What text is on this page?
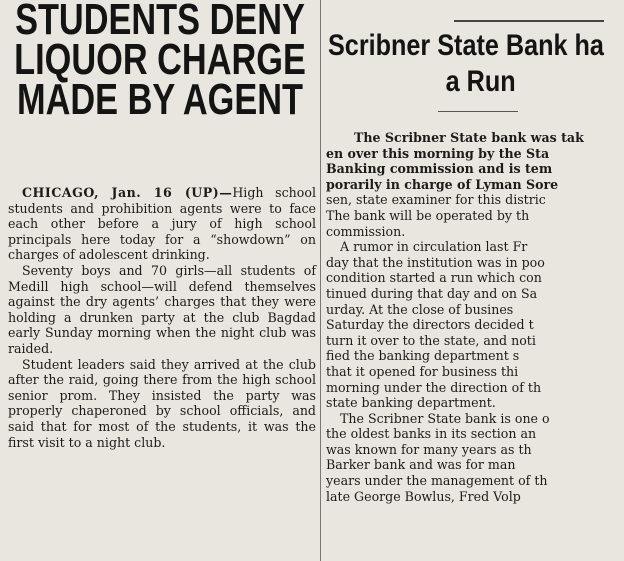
STUDENTS DENY
LIQUOR CHARGE
MADE BY AGENT

CHICAGO, Jan. 16 (UP)—High school students and prohibition agents were to face each other before a jury of high school principals here today for a “showdown” on charges of adolescent drinking.

Seventy boys and 70 girls—all students of Medill high school—will defend themselves against the dry agents’ charges that they were holding a drunken party at the club Bagdad early Sunday morning when the night club was raided.

Student leaders said they arrived at the club after the raid, going there from the high school senior prom. They insisted the party was properly chaperoned by school officials, and said that for most of the students, it was the first visit to a night club.

Scribner State Bank ha
a Run
The Scribner State bank was tak
en over this morning by the Sta
Banking commission and is tem
porarily in charge of Lyman Sore
sen, state examiner for this distric
The bank will be operated by th
commission.
A rumor in circulation last Fr
day that the institution was in poo
condition started a run which con
tinued during that day and on Sa
urday. At the close of busines
Saturday the directors decided t
turn it over to the state, and noti
fied the banking department s
that it opened for business thi
morning under the direction of th
state banking department.
The Scribner State bank is one o
the oldest banks in its section an
was known for many years as th
Barker bank and was for man
years under the management of th
late George Bowlus, Fred Volp
